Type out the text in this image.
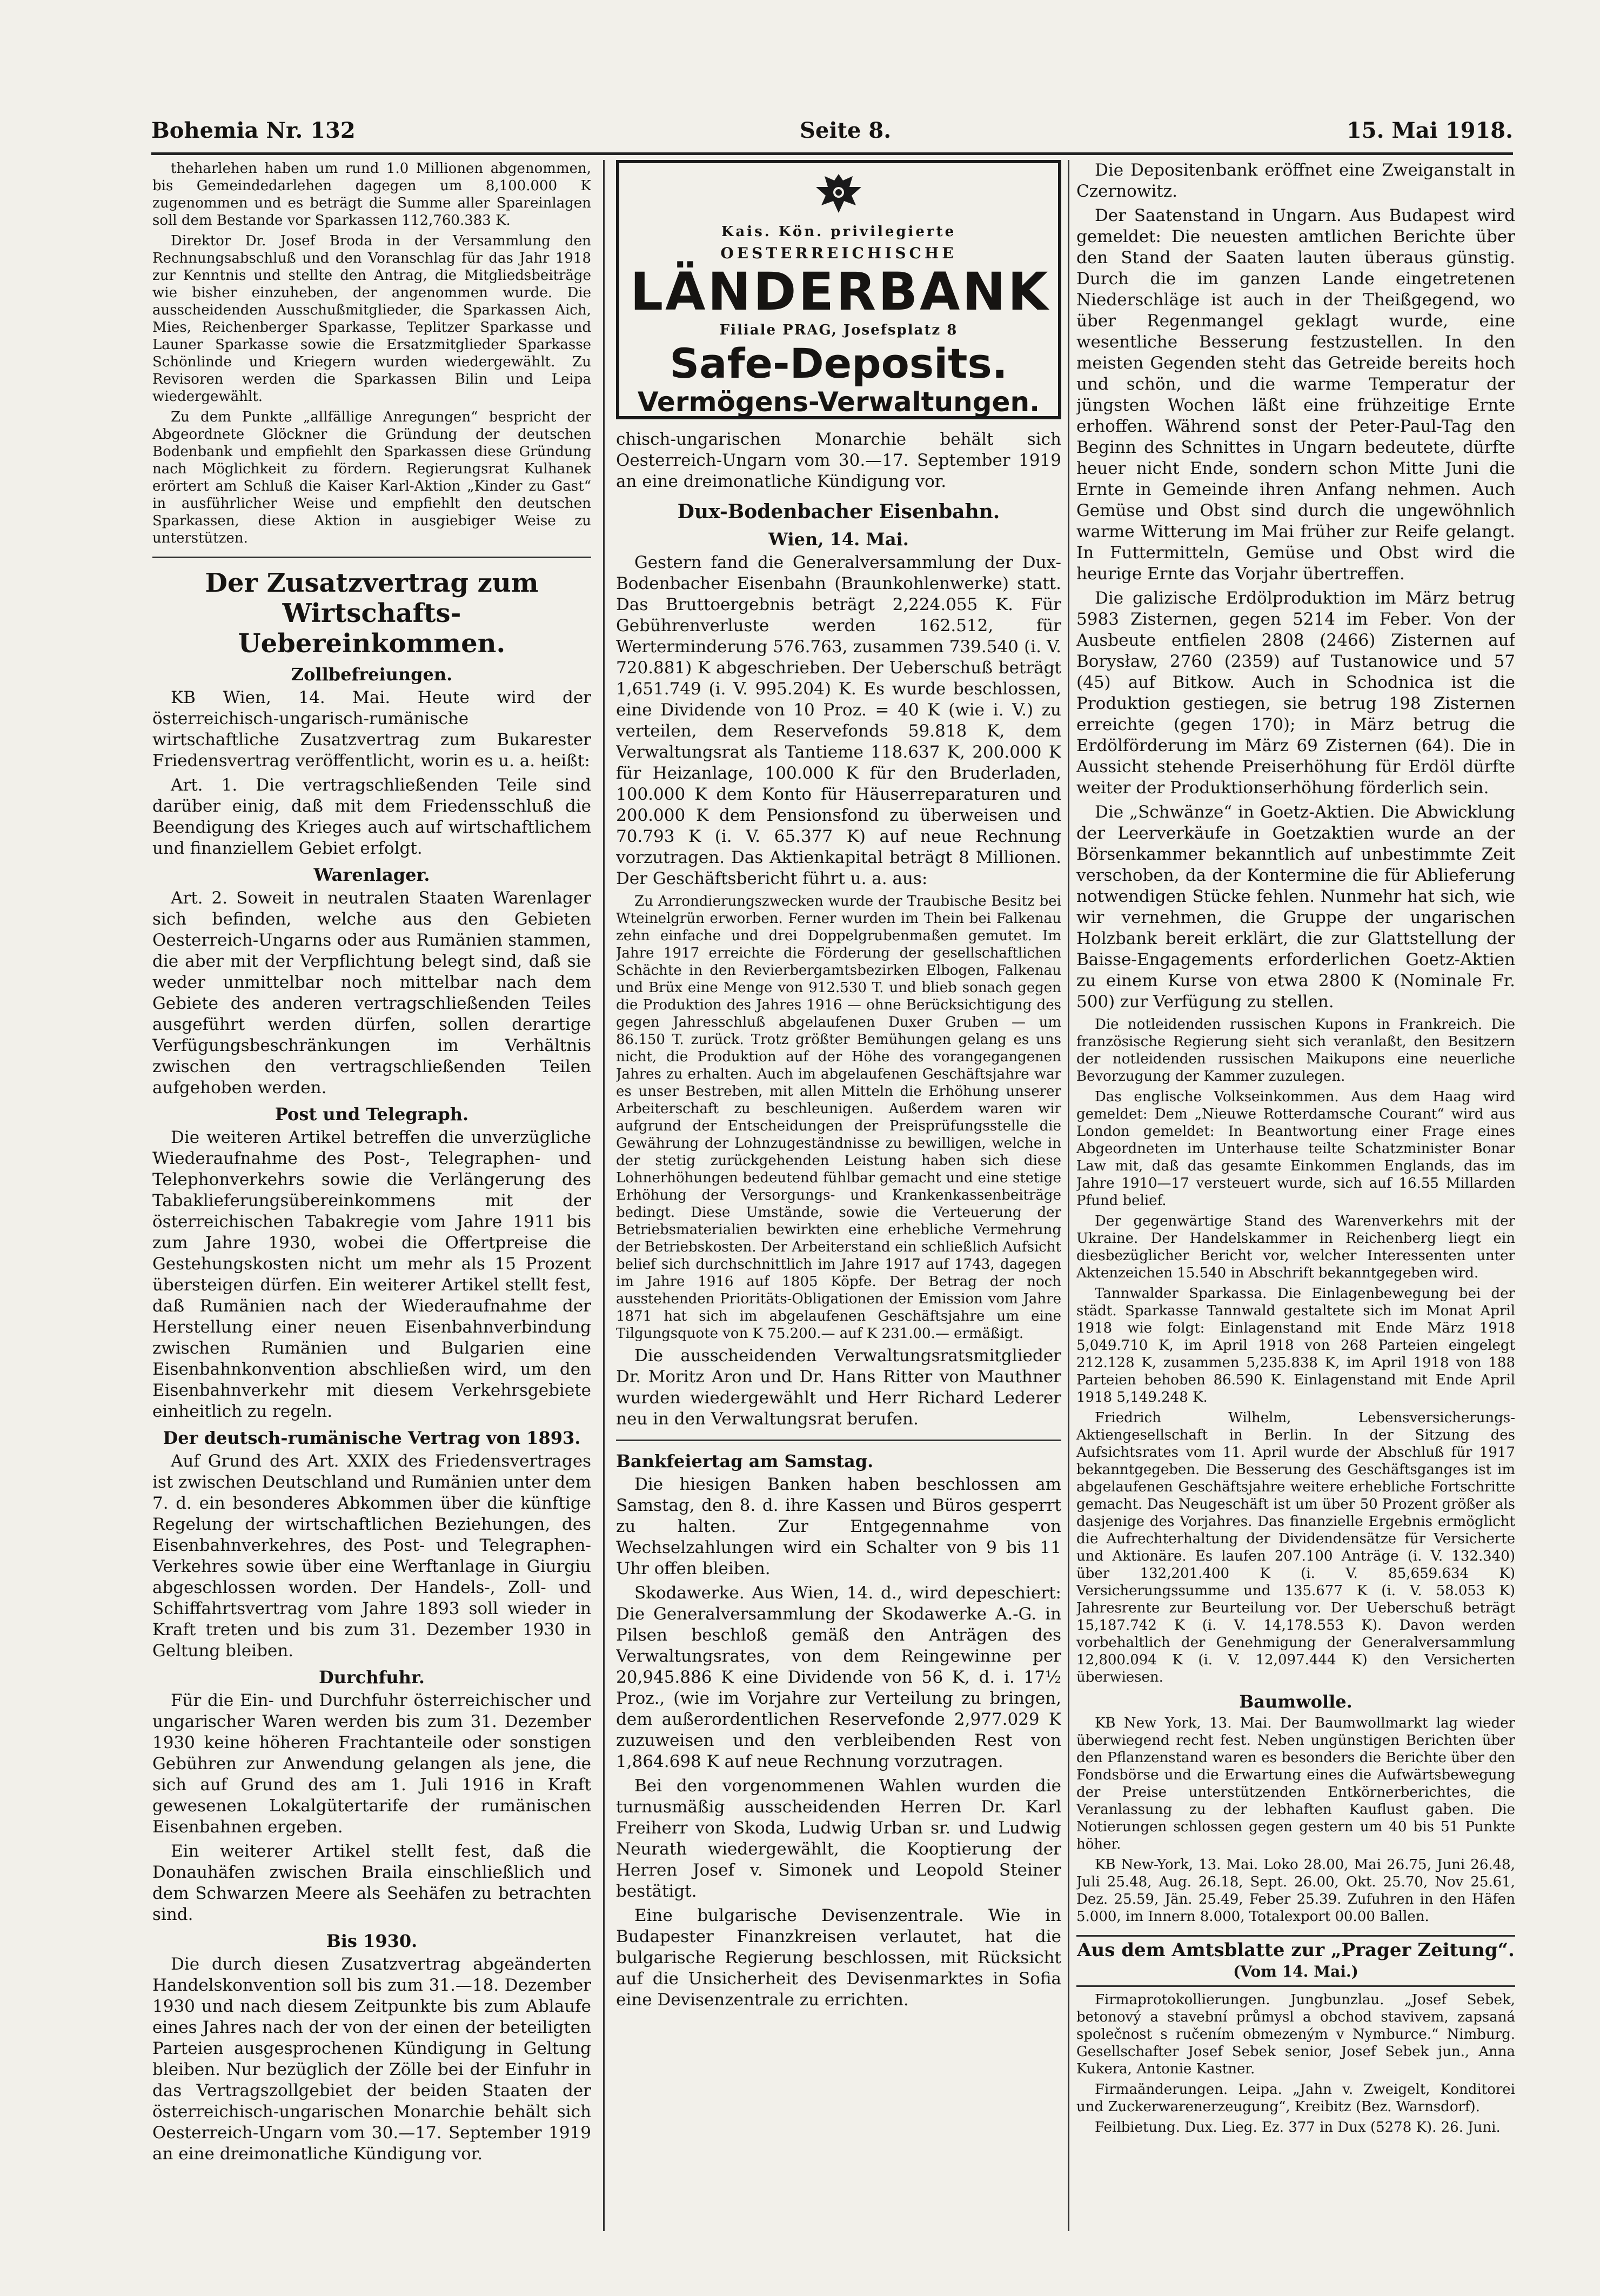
Bohemia Nr. 132	Seite 8.	15. Mai 1918.

theharlehen haben um rund 1.0 Millionen abgenommen, bis Gemeindedarlehen dagegen um 8,100.000 K zugenommen und es beträgt die Summe aller Spareinlagen soll dem Bestande vor Sparkassen 112,760.383 K.

Direktor Dr. Josef Broda in der Versammlung den Rechnungsabschluß und den Voranschlag für das Jahr 1918 zur Kenntnis und stellte den Antrag, die Mitgliedsbeiträge wie bisher einzuheben, der angenommen wurde. Die ausscheidenden Ausschußmitglieder, die Sparkassen Aich, Mies, Reichenberger Sparkasse, Teplitzer Sparkasse und Launer Sparkasse sowie die Ersatzmitglieder Sparkasse Schönlinde und Kriegern wurden wiedergewählt. Zu Revisoren werden die Sparkassen Bilin und Leipa wiedergewählt.

Zu dem Punkte „allfällige Anregungen“ bespricht der Abgeordnete Glöckner die Gründung der deutschen Bodenbank und empfiehlt den Sparkassen diese Gründung nach Möglichkeit zu fördern. Regierungsrat Kulhanek erörtert am Schluß die Kaiser Karl-Aktion „Kinder zu Gast“ in ausführlicher Weise und empfiehlt den deutschen Sparkassen, diese Aktion in ausgiebiger Weise zu unterstützen.

Der Zusatzvertrag zum Wirtschafts-Uebereinkommen.
Zollbefreiungen.

KB Wien, 14. Mai. Heute wird der österreichisch-ungarisch-rumänische wirtschaftliche Zusatzvertrag zum Bukarester Friedensvertrag veröffentlicht, worin es u. a. heißt:

Art. 1. Die vertragschließenden Teile sind darüber einig, daß mit dem Friedensschluß die Beendigung des Krieges auch auf wirtschaftlichem und finanziellem Gebiet erfolgt.

Warenlager.

Art. 2. Soweit in neutralen Staaten Warenlager sich befinden, welche aus den Gebieten Oesterreich-Ungarns oder aus Rumänien stammen, die aber mit der Verpflichtung belegt sind, daß sie weder unmittelbar noch mittelbar nach dem Gebiete des anderen vertragschließenden Teiles ausgeführt werden dürfen, sollen derartige Verfügungsbeschränkungen im Verhältnis zwischen den vertragschließenden Teilen aufgehoben werden.

Post und Telegraph.

Die weiteren Artikel betreffen die unverzügliche Wiederaufnahme des Post-, Telegraphen- und Telephonverkehrs sowie die Verlängerung des Tabaklieferungsübereinkommens mit der österreichischen Tabakregie vom Jahre 1911 bis zum Jahre 1930, wobei die Offertpreise die Gestehungskosten nicht um mehr als 15 Prozent übersteigen dürfen. Ein weiterer Artikel stellt fest, daß Rumänien nach der Wiederaufnahme der Herstellung einer neuen Eisenbahnverbindung zwischen Rumänien und Bulgarien eine Eisenbahnkonvention abschließen wird, um den Eisenbahnverkehr mit diesem Verkehrsgebiete einheitlich zu regeln.

Der deutsch-rumänische Vertrag von 1893.

Auf Grund des Art. XXIX des Friedensvertrages ist zwischen Deutschland und Rumänien unter dem 7. d. ein besonderes Abkommen über die künftige Regelung der wirtschaftlichen Beziehungen, des Eisenbahnverkehres, des Post- und Telegraphen-Verkehres sowie über eine Werftanlage in Giurgiu abgeschlossen worden. Der Handels-, Zoll- und Schiffahrtsvertrag vom Jahre 1893 soll wieder in Kraft treten und bis zum 31. Dezember 1930 in Geltung bleiben.

Durchfuhr.

Für die Ein- und Durchfuhr österreichischer und ungarischer Waren werden bis zum 31. Dezember 1930 keine höheren Frachtanteile oder sonstigen Gebühren zur Anwendung gelangen als jene, die sich auf Grund des am 1. Juli 1916 in Kraft gewesenen Lokalgütertarife der rumänischen Eisenbahnen ergeben.

Ein weiterer Artikel stellt fest, daß die Donauhäfen zwischen Braila einschließlich und dem Schwarzen Meere als Seehäfen zu betrachten sind.

Bis 1930.

Die durch diesen Zusatzvertrag abgeänderten Handelskonvention soll bis zum 31.—18. Dezember 1930 und nach diesem Zeitpunkte bis zum Ablaufe eines Jahres nach der von der einen der beteiligten Parteien ausgesprochenen Kündigung in Geltung bleiben. Nur bezüglich der Zölle bei der Einfuhr in das Vertragszollgebiet der beiden Staaten der österreichisch-ungarischen Monarchie behält sich Oesterreich-Ungarn vom 30.—17. September 1919 an eine dreimonatliche Kündigung vor.

Kais. Kön. privilegierte
OESTERREICHISCHE
LÄNDERBANK
Filiale PRAG, Josefsplatz 8
Safe-Deposits.
Vermögens-Verwaltungen.

chisch-ungarischen Monarchie behält sich Oesterreich-Ungarn vom 30.—17. September 1919 an eine dreimonatliche Kündigung vor.

Dux-Bodenbacher Eisenbahn.
Wien, 14. Mai.

Gestern fand die Generalversammlung der Dux-Bodenbacher Eisenbahn (Braunkohlenwerke) statt. Das Bruttoergebnis beträgt 2,224.055 K. Für Gebührenverluste werden 162.512, für Werterminderung 576.763, zusammen 739.540 (i. V. 720.881) K abgeschrieben. Der Ueberschuß beträgt 1,651.749 (i. V. 995.204) K. Es wurde beschlossen, eine Dividende von 10 Proz. = 40 K (wie i. V.) zu verteilen, dem Reservefonds 59.818 K, dem Verwaltungsrat als Tantieme 118.637 K, 200.000 K für Heizanlage, 100.000 K für den Bruderladen, 100.000 K dem Konto für Häuserreparaturen und 200.000 K dem Pensionsfond zu überweisen und 70.793 K (i. V. 65.377 K) auf neue Rechnung vorzutragen. Das Aktienkapital beträgt 8 Millionen. Der Geschäftsbericht führt u. a. aus:

Zu Arrondierungszwecken wurde der Traubische Besitz bei Wteinelgrün erworben. Ferner wurden im Thein bei Falkenau zehn einfache und drei Doppelgrubenmaßen gemutet. Im Jahre 1917 erreichte die Förderung der gesellschaftlichen Schächte in den Revierbergamtsbezirken Elbogen, Falkenau und Brüx eine Menge von 912.530 T. und blieb sonach gegen die Produktion des Jahres 1916 — ohne Berücksichtigung des gegen Jahresschluß abgelaufenen Duxer Gruben — um 86.150 T. zurück. Trotz größter Bemühungen gelang es uns nicht, die Produktion auf der Höhe des vorangegangenen Jahres zu erhalten. Auch im abgelaufenen Geschäftsjahre war es unser Bestreben, mit allen Mitteln die Erhöhung unserer Arbeiterschaft zu beschleunigen. Außerdem waren wir aufgrund der Entscheidungen der Preisprüfungsstelle die Gewährung der Lohnzugeständnisse zu bewilligen, welche in der stetig zurückgehenden Leistung haben sich diese Lohnerhöhungen bedeutend fühlbar gemacht und eine stetige Erhöhung der Versorgungs- und Krankenkassenbeiträge bedingt. Diese Umstände, sowie die Verteuerung der Betriebsmaterialien bewirkten eine erhebliche Vermehrung der Betriebskosten. Der Arbeiterstand ein schließlich Aufsicht belief sich durchschnittlich im Jahre 1917 auf 1743, dagegen im Jahre 1916 auf 1805 Köpfe. Der Betrag der noch ausstehenden Prioritäts-Obligationen der Emission vom Jahre 1871 hat sich im abgelaufenen Geschäftsjahre um eine Tilgungsquote von K 75.200.— auf K 231.00.— ermäßigt.

Die ausscheidenden Verwaltungsratsmitglieder Dr. Moritz Aron und Dr. Hans Ritter von Mauthner wurden wiedergewählt und Herr Richard Lederer neu in den Verwaltungsrat berufen.

Bankfeiertag am Samstag.

Die hiesigen Banken haben beschlossen am Samstag, den 8. d. ihre Kassen und Büros gesperrt zu halten. Zur Entgegennahme von Wechselzahlungen wird ein Schalter von 9 bis 11 Uhr offen bleiben.

Skodawerke. Aus Wien, 14. d., wird depeschiert: Die Generalversammlung der Skodawerke A.-G. in Pilsen beschloß gemäß den Anträgen des Verwaltungsrates, von dem Reingewinne per 20,945.886 K eine Dividende von 56 K, d. i. 17½ Proz., (wie im Vorjahre zur Verteilung zu bringen, dem außerordentlichen Reservefonde 2,977.029 K zuzuweisen und den verbleibenden Rest von 1,864.698 K auf neue Rechnung vorzutragen.

Bei den vorgenommenen Wahlen wurden die turnusmäßig ausscheidenden Herren Dr. Karl Freiherr von Skoda, Ludwig Urban sr. und Ludwig Neurath wiedergewählt, die Kooptierung der Herren Josef v. Simonek und Leopold Steiner bestätigt.

Eine bulgarische Devisenzentrale. Wie in Budapester Finanzkreisen verlautet, hat die bulgarische Regierung beschlossen, mit Rücksicht auf die Unsicherheit des Devisenmarktes in Sofia eine Devisenzentrale zu errichten.

Die Depositenbank eröffnet eine Zweiganstalt in Czernowitz.

Der Saatenstand in Ungarn. Aus Budapest wird gemeldet: Die neuesten amtlichen Berichte über den Stand der Saaten lauten überaus günstig. Durch die im ganzen Lande eingetretenen Niederschläge ist auch in der Theißgegend, wo über Regenmangel geklagt wurde, eine wesentliche Besserung festzustellen. In den meisten Gegenden steht das Getreide bereits hoch und schön, und die warme Temperatur der jüngsten Wochen läßt eine frühzeitige Ernte erhoffen. Während sonst der Peter-Paul-Tag den Beginn des Schnittes in Ungarn bedeutete, dürfte heuer nicht Ende, sondern schon Mitte Juni die Ernte in Gemeinde ihren Anfang nehmen. Auch Gemüse und Obst sind durch die ungewöhnlich warme Witterung im Mai früher zur Reife gelangt. In Futtermitteln, Gemüse und Obst wird die heurige Ernte das Vorjahr übertreffen.

Die galizische Erdölproduktion im März betrug 5983 Zisternen, gegen 5214 im Feber. Von der Ausbeute entfielen 2808 (2466) Zisternen auf Borysław, 2760 (2359) auf Tustanowice und 57 (45) auf Bitkow. Auch in Schodnica ist die Produktion gestiegen, sie betrug 198 Zisternen erreichte (gegen 170); in März betrug die Erdölförderung im März 69 Zisternen (64). Die in Aussicht stehende Preiserhöhung für Erdöl dürfte weiter der Produktionserhöhung förderlich sein.

Die „Schwänze“ in Goetz-Aktien. Die Abwicklung der Leerverkäufe in Goetzaktien wurde an der Börsenkammer bekanntlich auf unbestimmte Zeit verschoben, da der Konterminе die für Ablieferung notwendigen Stücke fehlen. Nunmehr hat sich, wie wir vernehmen, die Gruppe der ungarischen Holzbank bereit erklärt, die zur Glattstellung der Baisse-Engagements erforderlichen Goetz-Aktien zu einem Kurse von etwa 2800 K (Nominale Fr. 500) zur Verfügung zu stellen.

Die notleidenden russischen Kupons in Frankreich. Die französische Regierung sieht sich veranlaßt, den Besitzern der notleidenden russischen Maikupons eine neuerliche Bevorzugung der Kammer zuzulegen.

Das englische Volkseinkommen. Aus dem Haag wird gemeldet: Dem „Nieuwe Rotterdamsche Courant“ wird aus London gemeldet: In Beantwortung einer Frage eines Abgeordneten im Unterhause teilte Schatzminister Bonar Law mit, daß das gesamte Einkommen Englands, das im Jahre 1910—17 versteuert wurde, sich auf 16.55 Millarden Pfund belief.

Der gegenwärtige Stand des Warenverkehrs mit der Ukraine. Der Handelskammer in Reichenberg liegt ein diesbezüglicher Bericht vor, welcher Interessenten unter Aktenzeichen 15.540 in Abschrift bekanntgegeben wird.

Tannwalder Sparkassa. Die Einlagenbewegung bei der städt. Sparkasse Tannwald gestaltete sich im Monat April 1918 wie folgt: Einlagenstand mit Ende März 1918 5,049.710 K, im April 1918 von 268 Parteien eingelegt 212.128 K, zusammen 5,235.838 K, im April 1918 von 188 Parteien behoben 86.590 K. Einlagenstand mit Ende April 1918 5,149.248 K.

Friedrich Wilhelm, Lebensversicherungs-Aktiengesellschaft in Berlin. In der Sitzung des Aufsichtsrates vom 11. April wurde der Abschluß für 1917 bekanntgegeben. Die Besserung des Geschäftsganges ist im abgelaufenen Geschäftsjahre weitere erhebliche Fortschritte gemacht. Das Neugeschäft ist um über 50 Prozent größer als dasjenige des Vorjahres. Das finanzielle Ergebnis ermöglicht die Aufrechterhaltung der Dividendensätze für Versicherte und Aktionäre. Es laufen 207.100 Anträge (i. V. 132.340) über 132,201.400 K (i. V. 85,659.634 K) Versicherungssumme und 135.677 K (i. V. 58.053 K) Jahresrente zur Beurteilung vor. Der Ueberschuß beträgt 15,187.742 K (i. V. 14,178.553 K). Davon werden vorbehaltlich der Genehmigung der Generalversammlung 12,800.094 K (i. V. 12,097.444 K) den Versicherten überwiesen.

Baumwolle.

KB New York, 13. Mai. Der Baumwollmarkt lag wieder überwiegend recht fest. Neben ungünstigen Berichten über den Pflanzenstand waren es besonders die Berichte über den Fondsbörse und die Erwartung eines die Aufwärtsbewegung der Preise unterstützenden Entkörnerberichtes, die Veranlassung zu der lebhaften Kauflust gaben. Die Notierungen schlossen gegen gestern um 40 bis 51 Punkte höher.

KB New-York, 13. Mai. Loko 28.00, Mai 26.75, Juni 26.48, Juli 25.48, Aug. 26.18, Sept. 26.00, Okt. 25.70, Nov 25.61, Dez. 25.59, Jän. 25.49, Feber 25.39. Zufuhren in den Häfen 5.000, im Innern 8.000, Totalexport 00.00 Ballen.

Aus dem Amtsblatte zur „Prager Zeitung“.
(Vom 14. Mai.)

Firmaprotokollierungen. Jungbunzlau. „Josef Sebek, betonový a stavební průmysl a obchod stavivem, zapsaná společnost s ručením obmezeným v Nymburce.“ Nimburg. Gesellschafter Josef Sebek senior, Josef Sebek jun., Anna Kukera, Antonie Kastner.

Firmaänderungen. Leipa. „Jahn v. Zweigelt, Konditorei und Zuckerwarenerzeugung“, Kreibitz (Bez. Warnsdorf).

Feilbietung. Dux. Lieg. Ez. 377 in Dux (5278 K). 26. Juni.
